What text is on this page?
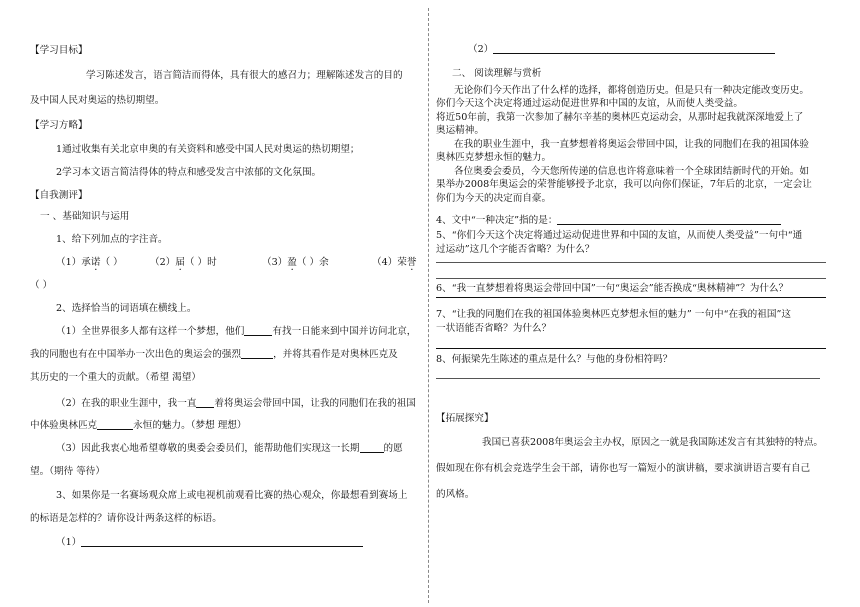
【学习目标】
学习陈述发言，语言简洁而得体，具有很大的感召力；理解陈述发言的目的
及中国人民对奥运的热切期望。
【学习方略】
1通过收集有关北京申奥的有关资料和感受中国人民对奥运的热切期望；
2学习本文语言简洁得体的特点和感受发言中浓郁的文化氛围。
【自我测评】
一 、基础知识与运用
1、给下列加点的字注音。
（1）承诺（ ）	（2）届（ ）时	（3）盈（ ）余	（4）荣誉
（ ）
2、选择恰当的词语填在横线上。
（1）全世界很多人都有这样一个梦想，他们	有找一日能来到中国并访问北京，
我的同胞也有在中国举办一次出色的奥运会的强烈	，并将其看作是对奥林匹克及
其历史的一个重大的贡献。（希望 渴望）
（2）在我的职业生涯中，我一直 着将奥运会带回中国，让我的同胞们在我的祖国
中体验奥林匹克	永恒的魅力。（梦想 理想）
（3）因此我衷心地希望尊敬的奥委会委员们，能帮助他们实现这一长期	的愿
望。（期待 等待）
3、如果你是一名赛场观众席上或电视机前观看比赛的热心观众，你最想看到赛场上
的标语是怎样的？请你设计两条这样的标语。
（1）
（2）
二、 阅读理解与赏析
无论你们今天作出了什么样的选择，都将创造历史。但是只有一种决定能改变历史。
你们今天这个决定将通过运动促进世界和中国的友谊，从而使人类受益。
将近50年前，我第一次参加了赫尔辛基的奥林匹克运动会，从那时起我就深深地爱上了
奥运精神。
在我的职业生涯中，我一直梦想着将奥运会带回中国，让我的同胞们在我的祖国体验
奥林匹克梦想永恒的魅力。
各位奥委会委员，今天您所传递的信息也许将意味着一个全球团结新时代的开始。如
果举办2008年奥运会的荣誉能够授予北京，我可以向你们保证，7年后的北京，一定会让
你们为今天的决定而自豪。
4、文中“一种决定”指的是：
5、“你们今天这个决定将通过运动促进世界和中国的友谊，从而使人类受益”一句中“通
过运动”这几个字能否省略？为什么？
6、“我一直梦想着将奥运会带回中国”一句“奥运会”能否换成“奥林精神”？为什么？
7、“让我的同胞们在我的祖国体验奥林匹克梦想永恒的魅力” 一句中“在我的祖国”这
一状语能否省略？为什么？
8、何振梁先生陈述的重点是什么？与他的身份相符吗？
【拓展探究】
我国已喜获2008年奥运会主办权，原因之一就是我国陈述发言有其独特的特点。
假如现在你有机会竞选学生会干部，请你也写一篇短小的演讲稿，要求演讲语言要有自己
的风格。
